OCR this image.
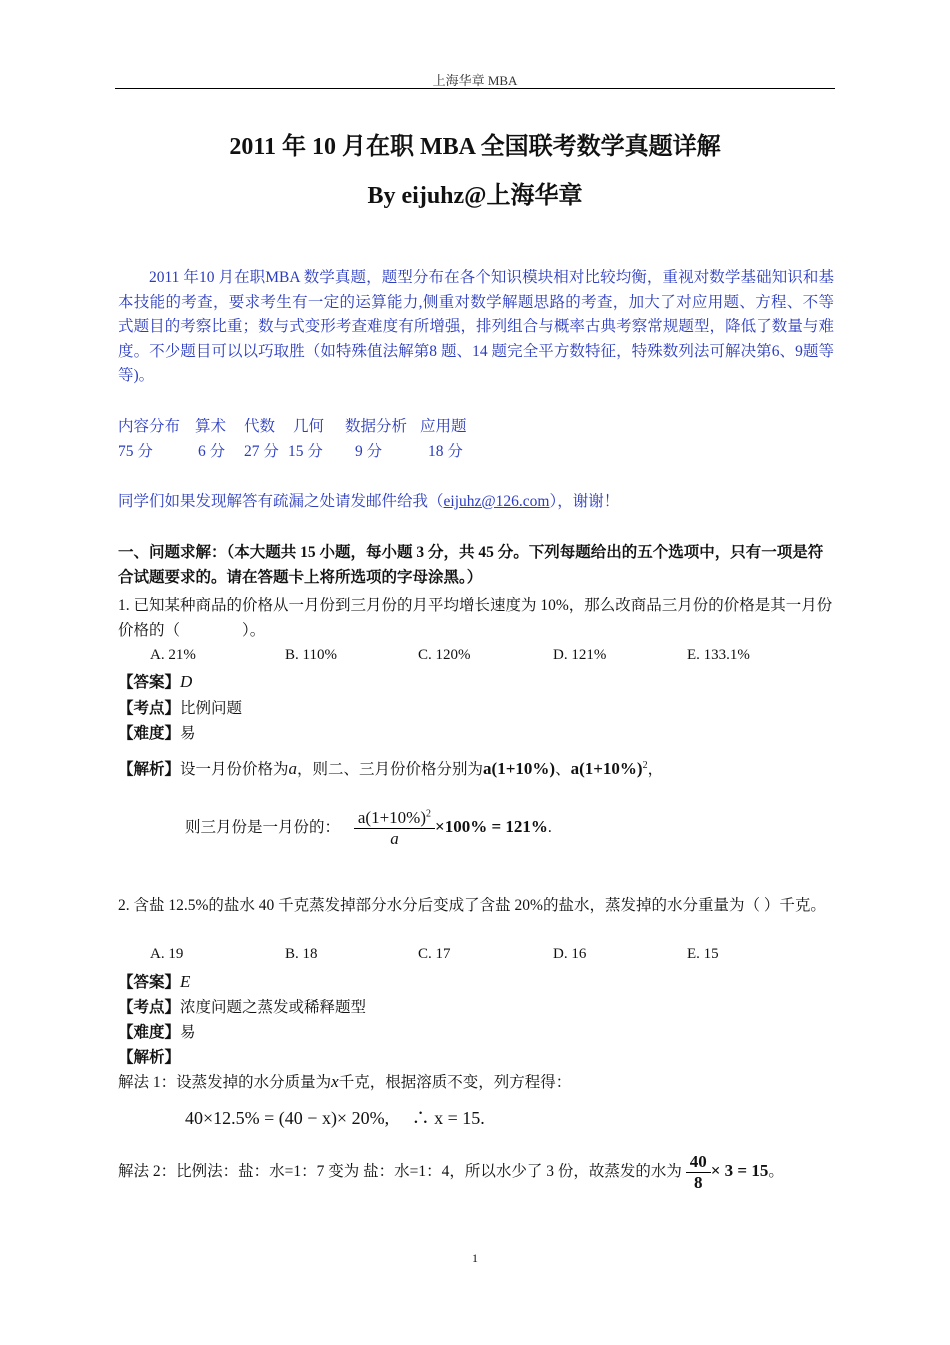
上海华章 MBA
2011 年 10 月在职 MBA 全国联考数学真题详解
By eijuhz@上海华章

2011 年10 月在职MBA 数学真题，题型分布在各个知识模块相对比较均衡，重视对数学基础知识和基本技能的考查，要求考生有一定的运算能力,侧重对数学解题思路的考查，加大了对应用题、方程、不等式题目的考察比重；数与式变形考查难度有所增强，排列组合与概率古典考察常规题型，降低了数量与难度。不少题目可以以巧取胜（如特殊值法解第8 题、14 题完全平方数特征，特殊数列法可解决第6、9题等等)。

内容分布 算术 代数 几何 数据分析 应用题
75 分	6 分 27 分 15 分 9 分	18 分
同学们如果发现解答有疏漏之处请发邮件给我（eijuhz@126.com），谢谢！
一、问题求解：（本大题共 15 小题，每小题 3 分，共 45 分。下列每题给出的五个选项中，只有一项是符合试题要求的。请在答题卡上将所选项的字母涂黑。）
1. 已知某种商品的价格从一月份到三月份的月平均增长速度为 10%，那么改商品三月份的价格是其一月份价格的（　　　　）。
A. 21%	B. 110%	C. 120%	D. 121%	E. 133.1%
【答案】D
【考点】比例问题
【难度】易
【解析】设一月份价格为a，则二、三月份价格分别为a(1+10%)、$a(1+10\%)^2$，
则三月份是一月份的： $\frac{a(1+10\%)^2}{a} \times 100\% = 121\%$.
2. 含盐 12.5%的盐水 40 千克蒸发掉部分水分后变成了含盐 20%的盐水，蒸发掉的水分重量为（ ）千克。
A. 19	B. 18	C. 17	D. 16	E. 15
【答案】E
【考点】浓度问题之蒸发或稀释题型
【难度】易
【解析】
解法 1：设蒸发掉的水分质量为x千克，根据溶质不变，列方程得：
40×12.5% = (40 − x)× 20%,　 ∴ x = 15.
解法 2：比例法：盐：水=1：7 变为 盐：水=1：4，所以水少了 3 份，故蒸发的水为 $\frac{40}{8} \times 3 = 15$。
1
